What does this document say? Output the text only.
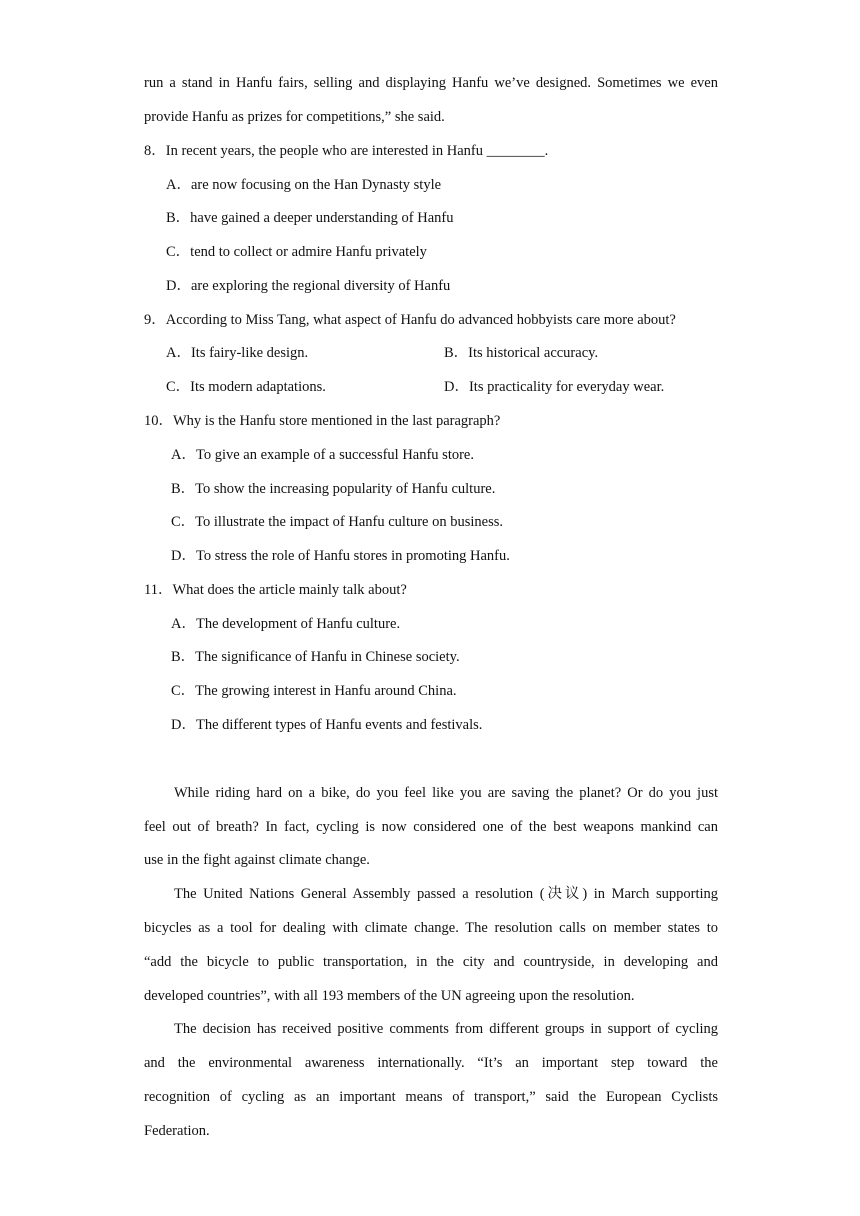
run a stand in Hanfu fairs, selling and displaying Hanfu we’ve designed. Sometimes we even
provide Hanfu as prizes for competitions,” she said.
8．In recent years, the people who are interested in Hanfu ________.
A．are now focusing on the Han Dynasty style
B．have gained a deeper understanding of Hanfu
C．tend to collect or admire Hanfu privately
D．are exploring the regional diversity of Hanfu
9．According to Miss Tang, what aspect of Hanfu do advanced hobbyists care more about?
A．Its fairy-like design.	B．Its historical accuracy.
C．Its modern adaptations.	D．Its practicality for everyday wear.
10．Why is the Hanfu store mentioned in the last paragraph?
A．To give an example of a successful Hanfu store.
B．To show the increasing popularity of Hanfu culture.
C．To illustrate the impact of Hanfu culture on business.
D．To stress the role of Hanfu stores in promoting Hanfu.
11．What does the article mainly talk about?
A．The development of Hanfu culture.
B．The significance of Hanfu in Chinese society.
C．The growing interest in Hanfu around China.
D．The different types of Hanfu events and festivals.
While riding hard on a bike, do you feel like you are saving the planet? Or do you just
feel out of breath? In fact, cycling is now considered one of the best weapons mankind can
use in the fight against climate change.
The United Nations General Assembly passed a resolution (决议) in March supporting
bicycles as a tool for dealing with climate change. The resolution calls on member states to
“add the bicycle to public transportation, in the city and countryside, in developing and
developed countries”, with all 193 members of the UN agreeing upon the resolution.
The decision has received positive comments from different groups in support of cycling
and the environmental awareness internationally. “It’s an important step toward the
recognition of cycling as an important means of transport,” said the European Cyclists
Federation.
